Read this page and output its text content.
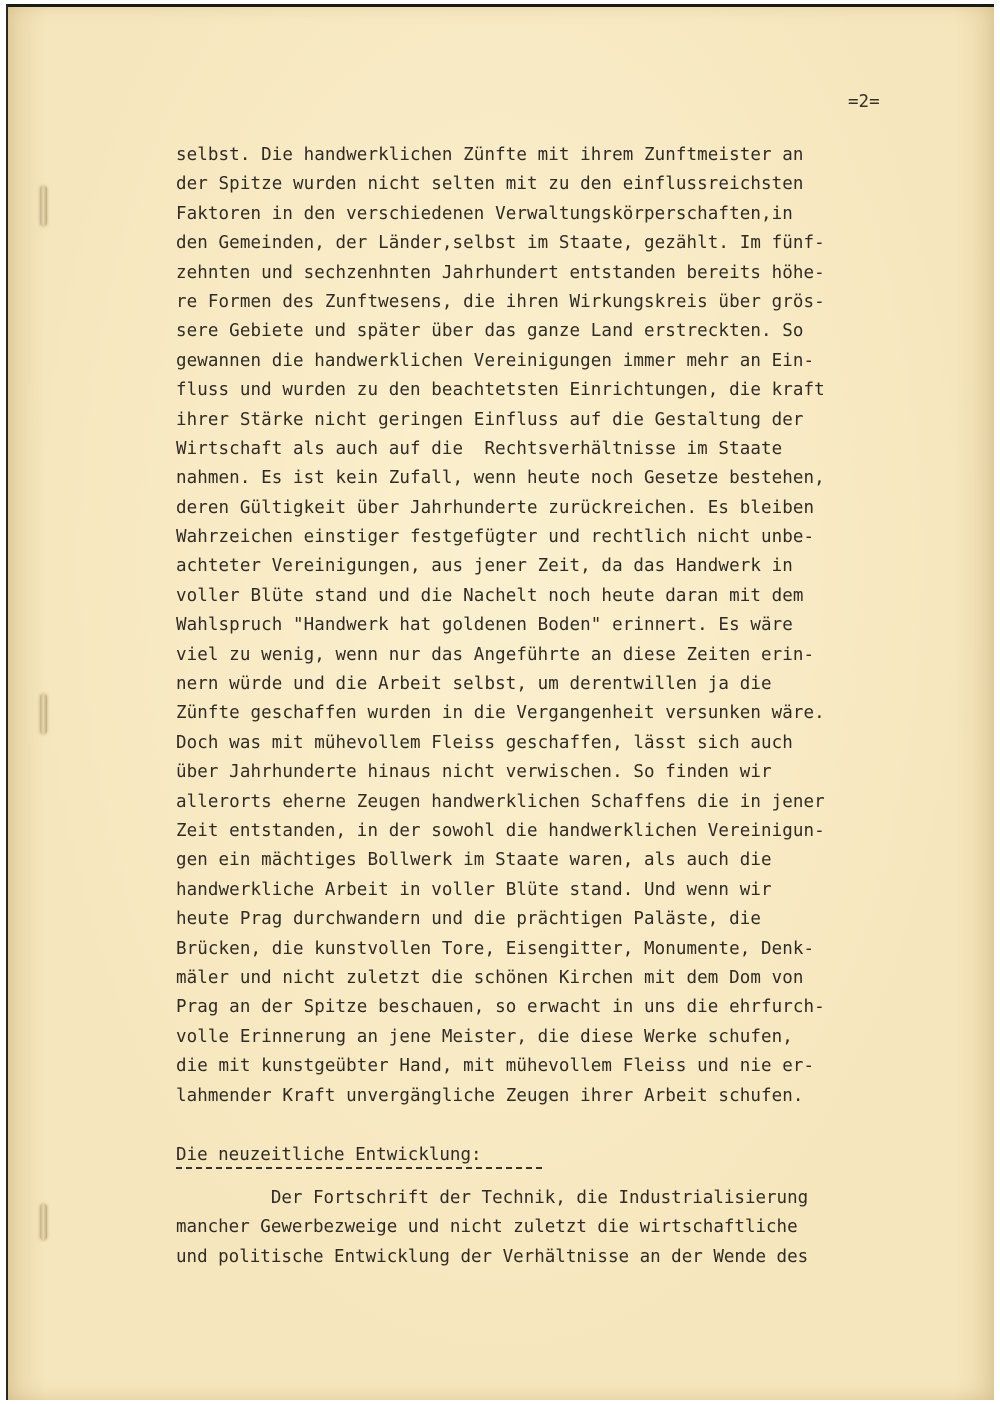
=2=
selbst. Die handwerklichen Zünfte mit ihrem Zunftmeister an
der Spitze wurden nicht selten mit zu den einflussreichsten
Faktoren in den verschiedenen Verwaltungskörperschaften,in
den Gemeinden, der Länder,selbst im Staate, gezählt. Im fünf-
zehnten und sechzenhnten Jahrhundert entstanden bereits höhe-
re Formen des Zunftwesens, die ihren Wirkungskreis über grös-
sere Gebiete und später über das ganze Land erstreckten. So
gewannen die handwerklichen Vereinigungen immer mehr an Ein-
fluss und wurden zu den beachtetsten Einrichtungen, die kraft
ihrer Stärke nicht geringen Einfluss auf die Gestaltung der
Wirtschaft als auch auf die  Rechtsverhältnisse im Staate
nahmen. Es ist kein Zufall, wenn heute noch Gesetze bestehen,
deren Gültigkeit über Jahrhunderte zurückreichen. Es bleiben
Wahrzeichen einstiger festgefügter und rechtlich nicht unbe-
achteter Vereinigungen, aus jener Zeit, da das Handwerk in
voller Blüte stand und die Nachelt noch heute daran mit dem
Wahlspruch "Handwerk hat goldenen Boden" erinnert. Es wäre
viel zu wenig, wenn nur das Angeführte an diese Zeiten erin-
nern würde und die Arbeit selbst, um derentwillen ja die
Zünfte geschaffen wurden in die Vergangenheit versunken wäre.
Doch was mit mühevollem Fleiss geschaffen, lässt sich auch
über Jahrhunderte hinaus nicht verwischen. So finden wir
allerorts eherne Zeugen handwerklichen Schaffens die in jener
Zeit entstanden, in der sowohl die handwerklichen Vereinigun-
gen ein mächtiges Bollwerk im Staate waren, als auch die
handwerkliche Arbeit in voller Blüte stand. Und wenn wir
heute Prag durchwandern und die prächtigen Paläste, die
Brücken, die kunstvollen Tore, Eisengitter, Monumente, Denk-
mäler und nicht zuletzt die schönen Kirchen mit dem Dom von
Prag an der Spitze beschauen, so erwacht in uns die ehrfurch-
volle Erinnerung an jene Meister, die diese Werke schufen,
die mit kunstgeübter Hand, mit mühevollem Fleiss und nie er-
lahmender Kraft unvergängliche Zeugen ihrer Arbeit schufen.
Die neuzeitliche Entwicklung:
Der Fortschrift der Technik, die Industrialisierung
mancher Gewerbezweige und nicht zuletzt die wirtschaftliche
und politische Entwicklung der Verhältnisse an der Wende des
